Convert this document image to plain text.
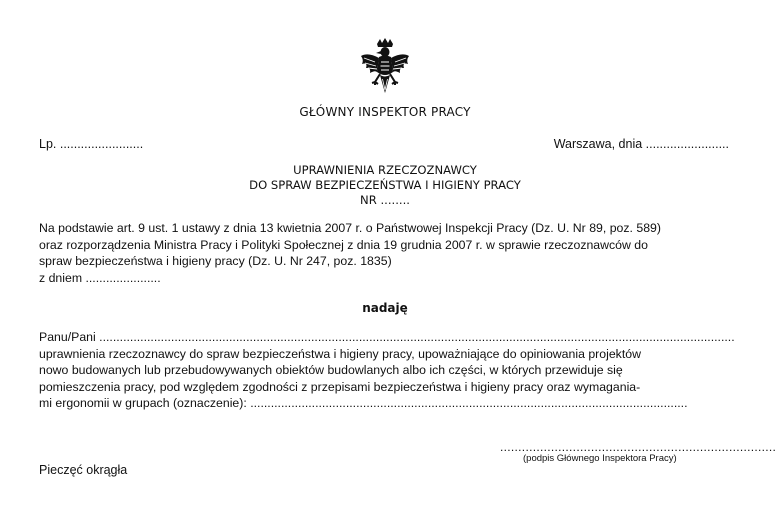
GŁÓWNY INSPEKTOR PRACY
Lp. ........................	Warszawa, dnia ........................
UPRAWNIENIA RZECZOZNAWCY
DO SPRAW BEZPIECZEŃSTWA I HIGIENY PRACY
NR ........
Na podstawie art. 9 ust. 1 ustawy z dnia 13 kwietnia 2007 r. o Państwowej Inspekcji Pracy (Dz. U. Nr 89, poz. 589)
oraz rozporządzenia Ministra Pracy i Polityki Społecznej z dnia 19 grudnia 2007 r. w sprawie rzeczoznawców do
spraw bezpieczeństwa i higieny pracy (Dz. U. Nr 247, poz. 1835)
z dniem ......................
nadaję
Panu/Pani ..........................................................................................................................................................................................
uprawnienia rzeczoznawcy do spraw bezpieczeństwa i higieny pracy, upoważniające do opiniowania projektów
nowo budowanych lub przebudowywanych obiektów budowlanych albo ich części, w których przewiduje się
pomieszczenia pracy, pod względem zgodności z przepisami bezpieczeństwa i higieny pracy oraz wymagania-
mi ergonomii w grupach (oznaczenie): ................................................................................................................................
............................................................................
(podpis Głównego Inspektora Pracy)
Pieczęć okrągła
